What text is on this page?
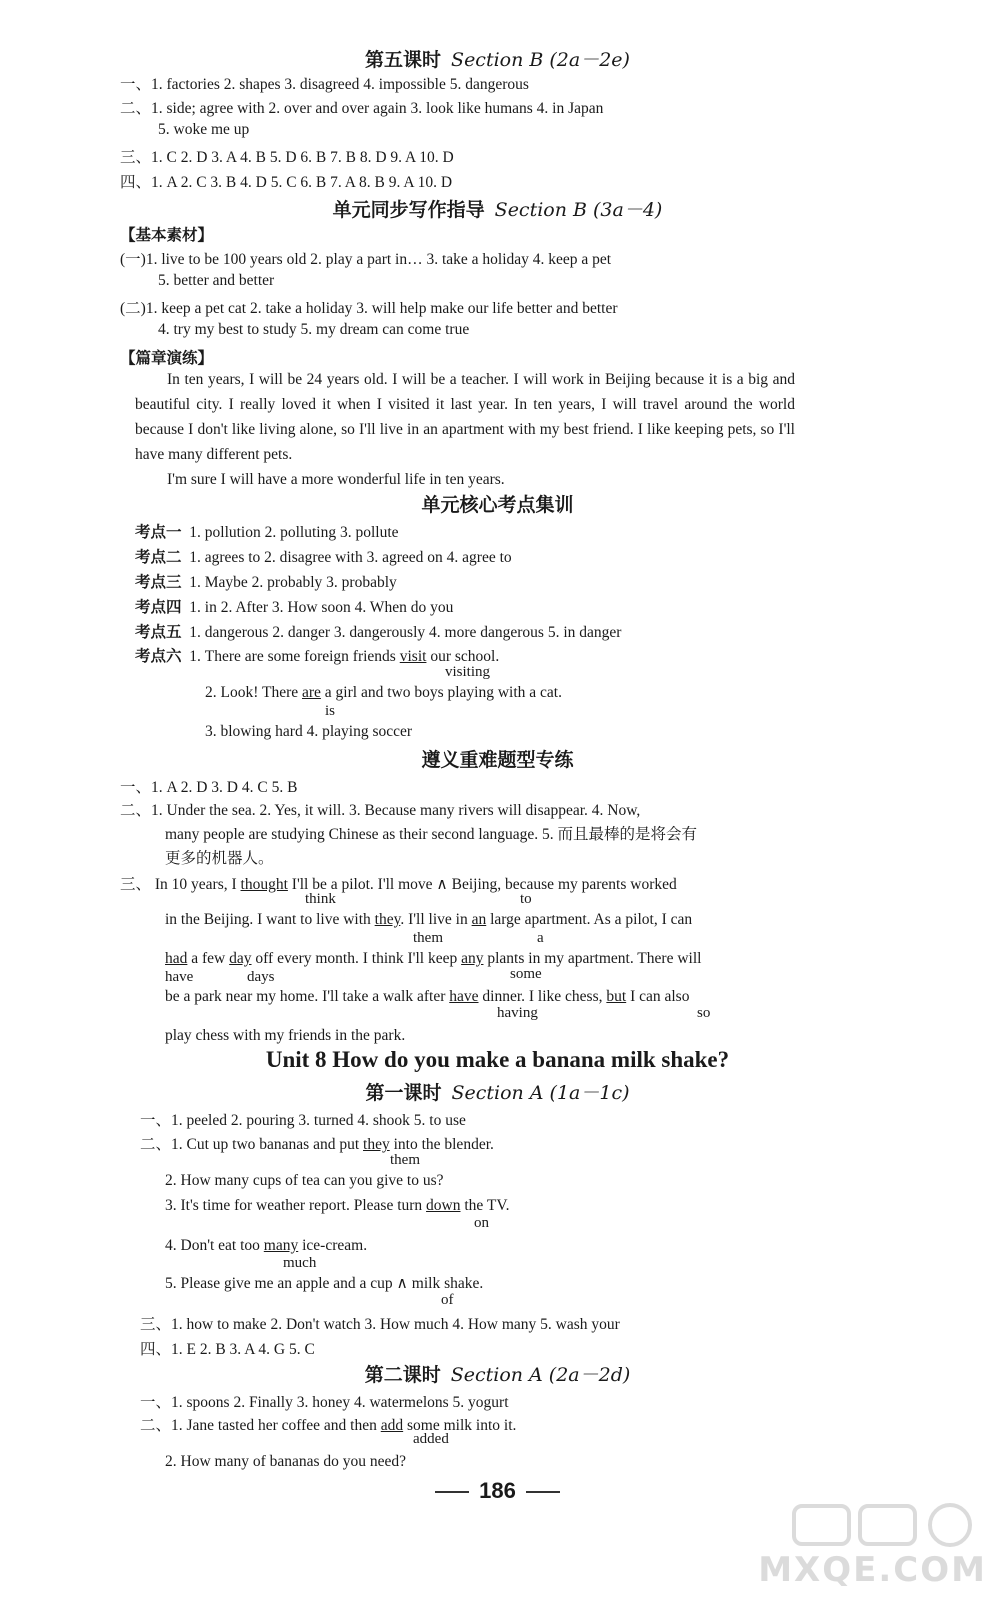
第五课时 Section B (2a－2e)
一、1. factories 2. shapes 3. disagreed 4. impossible 5. dangerous
二、1. side; agree with 2. over and over again 3. look like humans 4. in Japan
5. woke me up
三、1. C 2. D 3. A 4. B 5. D 6. B 7. B 8. D 9. A 10. D
四、1. A 2. C 3. B 4. D 5. C 6. B 7. A 8. B 9. A 10. D
单元同步写作指导 Section B (3a－4)
【基本素材】
(一)1. live to be 100 years old 2. play a part in… 3. take a holiday 4. keep a pet
5. better and better
(二)1. keep a pet cat 2. take a holiday 3. will help make our life better and better
4. try my best to study 5. my dream can come true
【篇章演练】

In ten years, I will be 24 years old. I will be a teacher. I will work in Beijing because it is a big and beautiful city. I really loved it when I visited it last year. In ten years, I will travel around the world because I don't like living alone, so I'll live in an apartment with my best friend. I like keeping pets, so I'll have many different pets.

I'm sure I will have a more wonderful life in ten years.

单元核心考点集训
考点一 1. pollution 2. polluting 3. pollute
考点二 1. agrees to 2. disagree with 3. agreed on 4. agree to
考点三 1. Maybe 2. probably 3. probably
考点四 1. in 2. After 3. How soon 4. When do you
考点五 1. dangerous 2. danger 3. dangerously 4. more dangerous 5. in danger
考点六 1. There are some foreign friends visit our school.
visiting
2. Look! There are a girl and two boys playing with a cat.
is
3. blowing hard 4. playing soccer
遵义重难题型专练
一、1. A 2. D 3. D 4. C 5. B
二、1. Under the sea. 2. Yes, it will. 3. Because many rivers will disappear. 4. Now,
many people are studying Chinese as their second language. 5. 而且最棒的是将会有
更多的机器人。
三、 In 10 years, I thought I'll be a pilot. I'll move ∧ Beijing, because my parents worked
think	to
in the Beijing. I want to live with they. I'll live in an large apartment. As a pilot, I can
them	a
had a few day off every month. I think I'll keep any plants in my apartment. There will
have	days	some
be a park near my home. I'll take a walk after have dinner. I like chess, but I can also
having	so
play chess with my friends in the park.
Unit 8 How do you make a banana milk shake?
第一课时 Section A (1a－1c)
一、1. peeled 2. pouring 3. turned 4. shook 5. to use
二、1. Cut up two bananas and put they into the blender.
them
2. How many cups of tea can you give to us?
3. It's time for weather report. Please turn down the TV.
on
4. Don't eat too many ice-cream.
much
5. Please give me an apple and a cup ∧ milk shake.
of
三、1. how to make 2. Don't watch 3. How much 4. How many 5. wash your
四、1. E 2. B 3. A 4. G 5. C
第二课时 Section A (2a－2d)
一、1. spoons 2. Finally 3. honey 4. watermelons 5. yogurt
二、1. Jane tasted her coffee and then add some milk into it.
added
2. How many of bananas do you need?
186
MXQE.COM
